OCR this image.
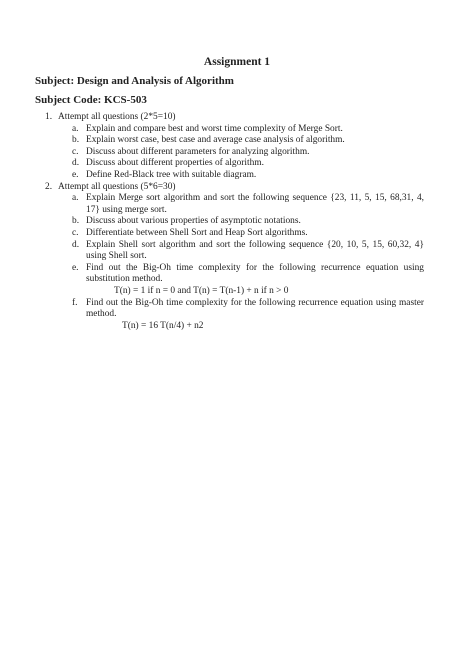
Assignment 1
Subject: Design and Analysis of Algorithm
Subject Code: KCS-503
1. Attempt all questions (2*5=10)
a. Explain and compare best and worst time complexity of Merge Sort.
b. Explain worst case, best case and average case analysis of algorithm.
c. Discuss about different parameters for analyzing algorithm.
d. Discuss about different properties of algorithm.
e. Define Red-Black tree with suitable diagram.
2. Attempt all questions (5*6=30)
a. Explain Merge sort algorithm and sort the following sequence {23, 11, 5, 15, 68,31, 4, 17} using merge sort.
b. Discuss about various properties of asymptotic notations.
c. Differentiate between Shell Sort and Heap Sort algorithms.
d. Explain Shell sort algorithm and sort the following sequence {20, 10, 5, 15, 60,32, 4} using Shell sort.
e. Find out the Big-Oh time complexity for the following recurrence equation using substitution method.
T(n) = 1 if n = 0 and T(n) = T(n-1) + n if n > 0
f. Find out the Big-Oh time complexity for the following recurrence equation using master method.
T(n) = 16 T(n/4) + n2
